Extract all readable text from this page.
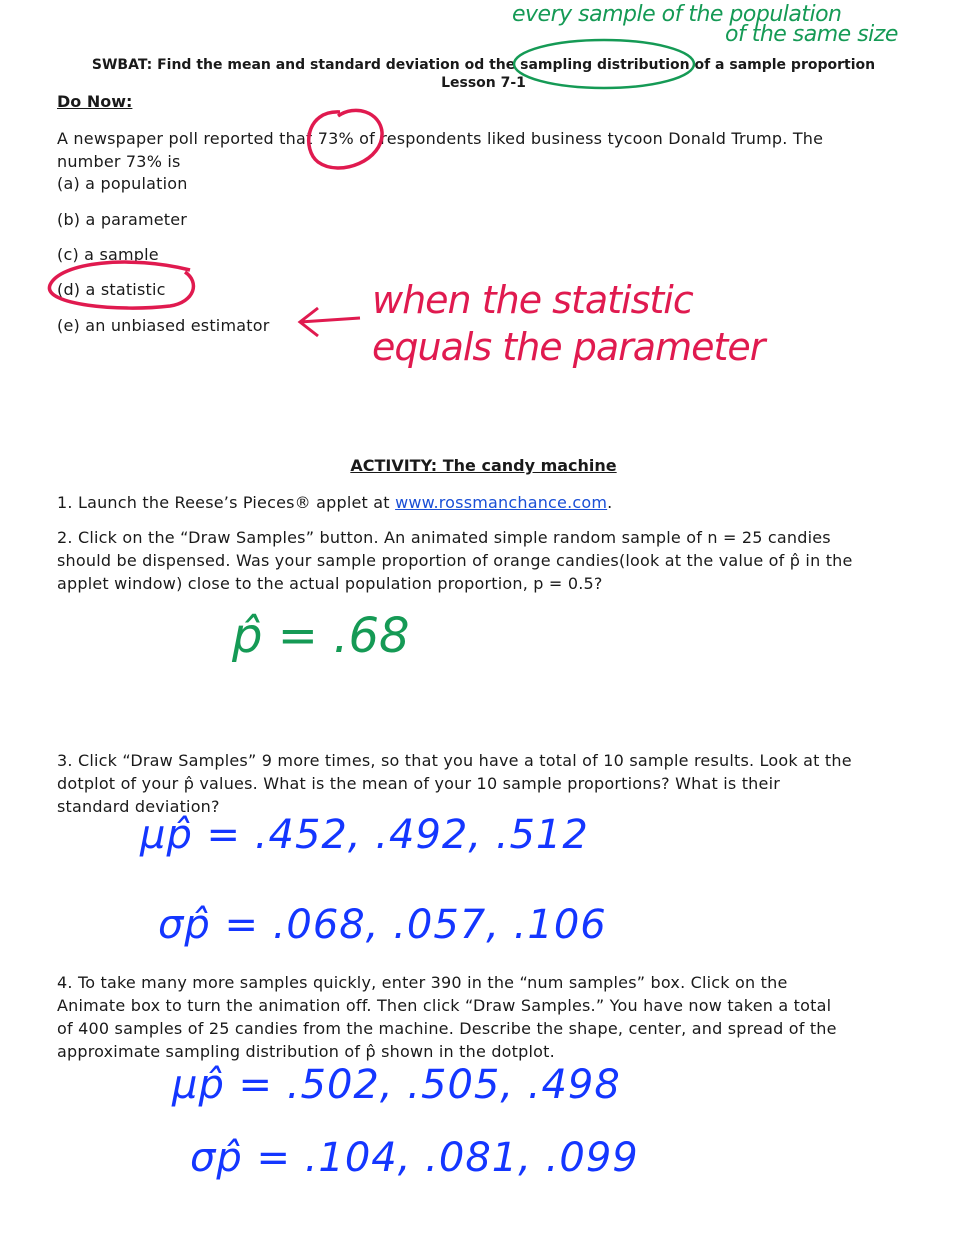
SWBAT: Find the mean and standard deviation od the sampling distribution of a sample proportion
Lesson 7-1
Do Now:
A newspaper poll reported that 73% of respondents liked business tycoon Donald Trump. The
number 73% is
(a) a population
(b) a parameter
(c) a sample
(d) a statistic
(e) an unbiased estimator
ACTIVITY: The candy machine
1. Launch the Reese’s Pieces® applet at www.rossmanchance.com.
2. Click on the “Draw Samples” button. An animated simple random sample of n = 25 candies
should be dispensed. Was your sample proportion of orange candies(look at the value of p̂ in the
applet window) close to the actual population proportion, p = 0.5?
3. Click “Draw Samples” 9 more times, so that you have a total of 10 sample results. Look at the
dotplot of your p̂ values. What is the mean of your 10 sample proportions? What is their
standard deviation?
4. To take many more samples quickly, enter 390 in the “num samples” box. Click on the
Animate box to turn the animation off. Then click “Draw Samples.” You have now taken a total
of 400 samples of 25 candies from the machine. Describe the shape, center, and spread of the
approximate sampling distribution of p̂ shown in the dotplot.
every sample of the population
of the same size
when the statistic
equals the parameter
p̂ = .68
μp̂ = .452, .492, .512
σp̂ = .068, .057, .106
μp̂ = .502, .505, .498
σp̂ = .104, .081, .099
